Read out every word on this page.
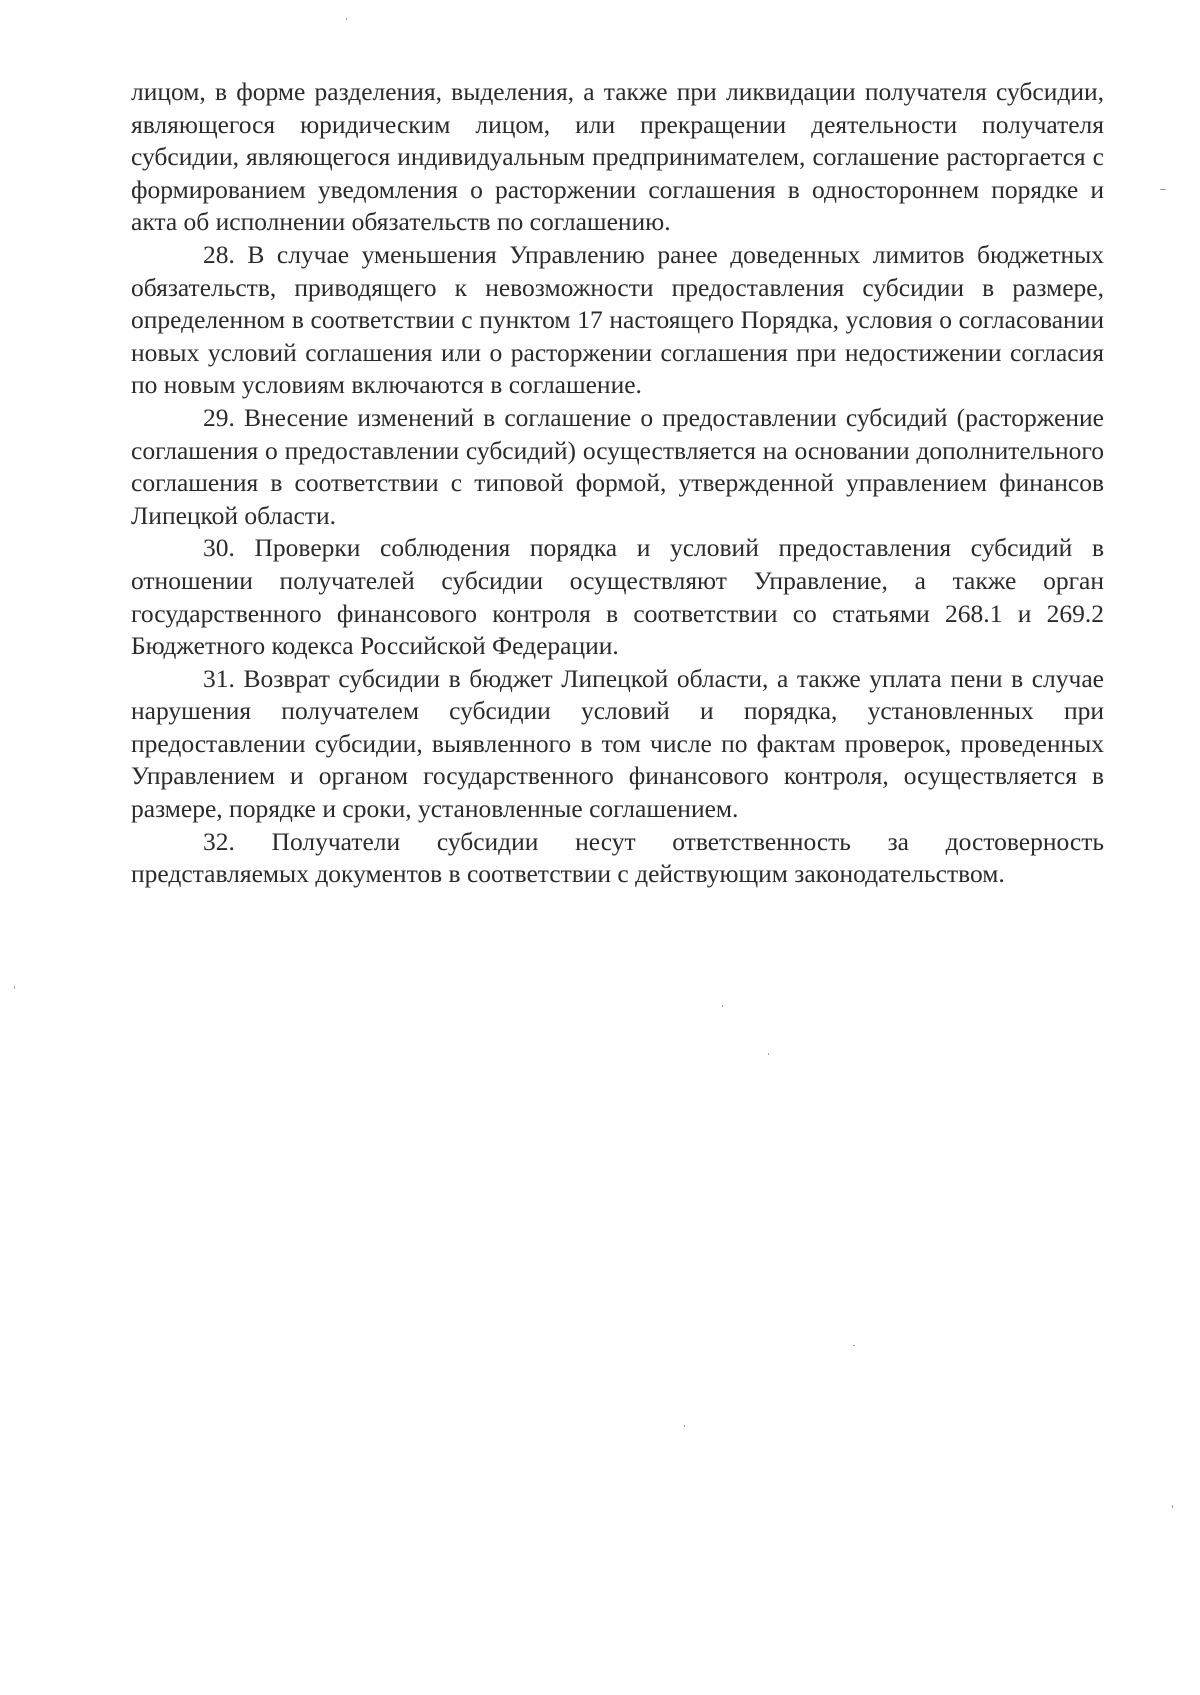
лицом, в форме разделения, выделения, а также при ликвидации получателя субсидии, являющегося юридическим лицом, или прекращении деятельности получателя субсидии, являющегося индивидуальным предпринимателем, соглашение расторгается с формированием уведомления о расторжении соглашения в одностороннем порядке и акта об исполнении обязательств по соглашению.

28. В случае уменьшения Управлению ранее доведенных лимитов бюджетных обязательств, приводящего к невозможности предоставления субсидии в размере, определенном в соответствии с пунктом 17 настоящего Порядка, условия о согласовании новых условий соглашения или о расторжении соглашения при недостижении согласия по новым условиям включаются в соглашение.

29. Внесение изменений в соглашение о предоставлении субсидий (расторжение соглашения о предоставлении субсидий) осуществляется на основании дополнительного соглашения в соответствии с типовой формой, утвержденной управлением финансов Липецкой области.

30. Проверки соблюдения порядка и условий предоставления субсидий в отношении получателей субсидии осуществляют Управление, а также орган государственного финансового контроля в соответствии со статьями 268.1 и 269.2 Бюджетного кодекса Российской Федерации.

31. Возврат субсидии в бюджет Липецкой области, а также уплата пени в случае нарушения получателем субсидии условий и порядка, установленных при предоставлении субсидии, выявленного в том числе по фактам проверок, проведенных Управлением и органом государственного финансового контроля, осуществляется в размере, порядке и сроки, установленные соглашением.

32. Получатели субсидии несут ответственность за достоверность представляемых документов в соответствии с действующим законодательством.
